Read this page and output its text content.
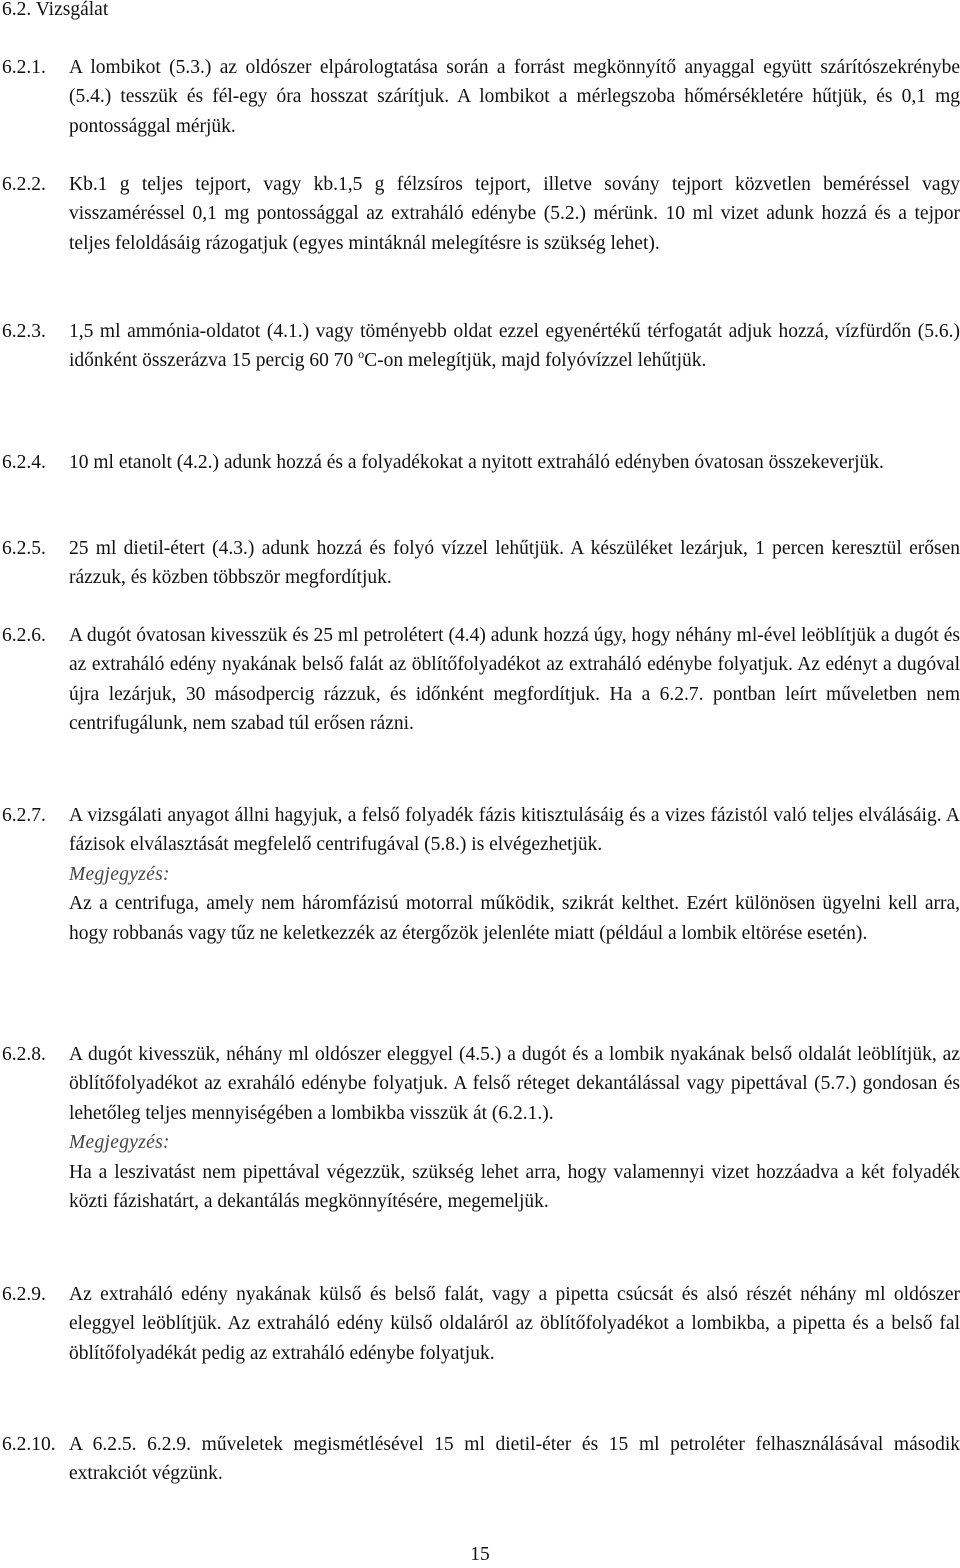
6.2. Vizsgálat
6.2.1. A lombikot (5.3.) az oldószer elpárologtatása során a forrást megkönnyítő anyaggal együtt szárítószekrénybe (5.4.) tesszük és fél-egy óra hosszat szárítjuk. A lombikot a mérlegszoba hőmérsékletére hűtjük, és 0,1 mg pontossággal mérjük.

6.2.2. Kb.1 g teljes tejport, vagy kb.1,5 g félzsíros tejport, illetve sovány tejport közvetlen beméréssel vagy visszaméréssel 0,1 mg pontossággal az extraháló edénybe (5.2.) mérünk. 10 ml vizet adunk hozzá és a tejpor teljes feloldásáig rázogatjuk (egyes mintáknál melegítésre is szükség lehet).

6.2.3. 1,5 ml ammónia-oldatot (4.1.) vagy töményebb oldat ezzel egyenértékű térfogatát adjuk hozzá, vízfürdőn (5.6.) időnként összerázva 15 percig 60 70 $^o$C-on melegítjük, majd folyóvízzel lehűtjük.

6.2.4. 10 ml etanolt (4.2.) adunk hozzá és a folyadékokat a nyitott extraháló edényben óvatosan összekeverjük.

6.2.5. 25 ml dietil-étert (4.3.) adunk hozzá és folyó vízzel lehűtjük. A készüléket lezárjuk, 1 percen keresztül erősen rázzuk, és közben többször megfordítjuk.

6.2.6. A dugót óvatosan kivesszük és 25 ml petrolétert (4.4) adunk hozzá úgy, hogy néhány ml-ével leöblítjük a dugót és az extraháló edény nyakának belső falát az öblítőfolyadékot az extraháló edénybe folyatjuk. Az edényt a dugóval újra lezárjuk, 30 másodpercig rázzuk, és időnként megfordítjuk. Ha a 6.2.7. pontban leírt műveletben nem centrifugálunk, nem szabad túl erősen rázni.

6.2.7. A vizsgálati anyagot állni hagyjuk, a felső folyadék fázis kitisztulásáig és a vizes fázistól való teljes elválásáig. A fázisok elválasztását megfelelő centrifugával (5.8.) is elvégezhetjük.

Megjegyzés:

Az a centrifuga, amely nem háromfázisú motorral működik, szikrát kelthet. Ezért különösen ügyelni kell arra, hogy robbanás vagy tűz ne keletkezzék az étergőzök jelenléte miatt (például a lombik eltörése esetén).

6.2.8. A dugót kivesszük, néhány ml oldószer eleggyel (4.5.) a dugót és a lombik nyakának belső oldalát leöblítjük, az öblítőfolyadékot az exraháló edénybe folyatjuk. A felső réteget dekantálással vagy pipettával (5.7.) gondosan és lehetőleg teljes mennyiségében a lombikba visszük át (6.2.1.).

Megjegyzés:

Ha a leszivatást nem pipettával végezzük, szükség lehet arra, hogy valamennyi vizet hozzáadva a két folyadék közti fázishatárt, a dekantálás megkönnyítésére, megemeljük.

6.2.9. Az extraháló edény nyakának külső és belső falát, vagy a pipetta csúcsát és alsó részét néhány ml oldószer eleggyel leöblítjük. Az extraháló edény külső oldaláról az öblítőfolyadékot a lombikba, a pipetta és a belső fal öblítőfolyadékát pedig az extraháló edénybe folyatjuk.

6.2.10. A 6.2.5. 6.2.9. műveletek megismétlésével 15 ml dietil-éter és 15 ml petroléter felhasználásával második extrakciót végzünk.

15
